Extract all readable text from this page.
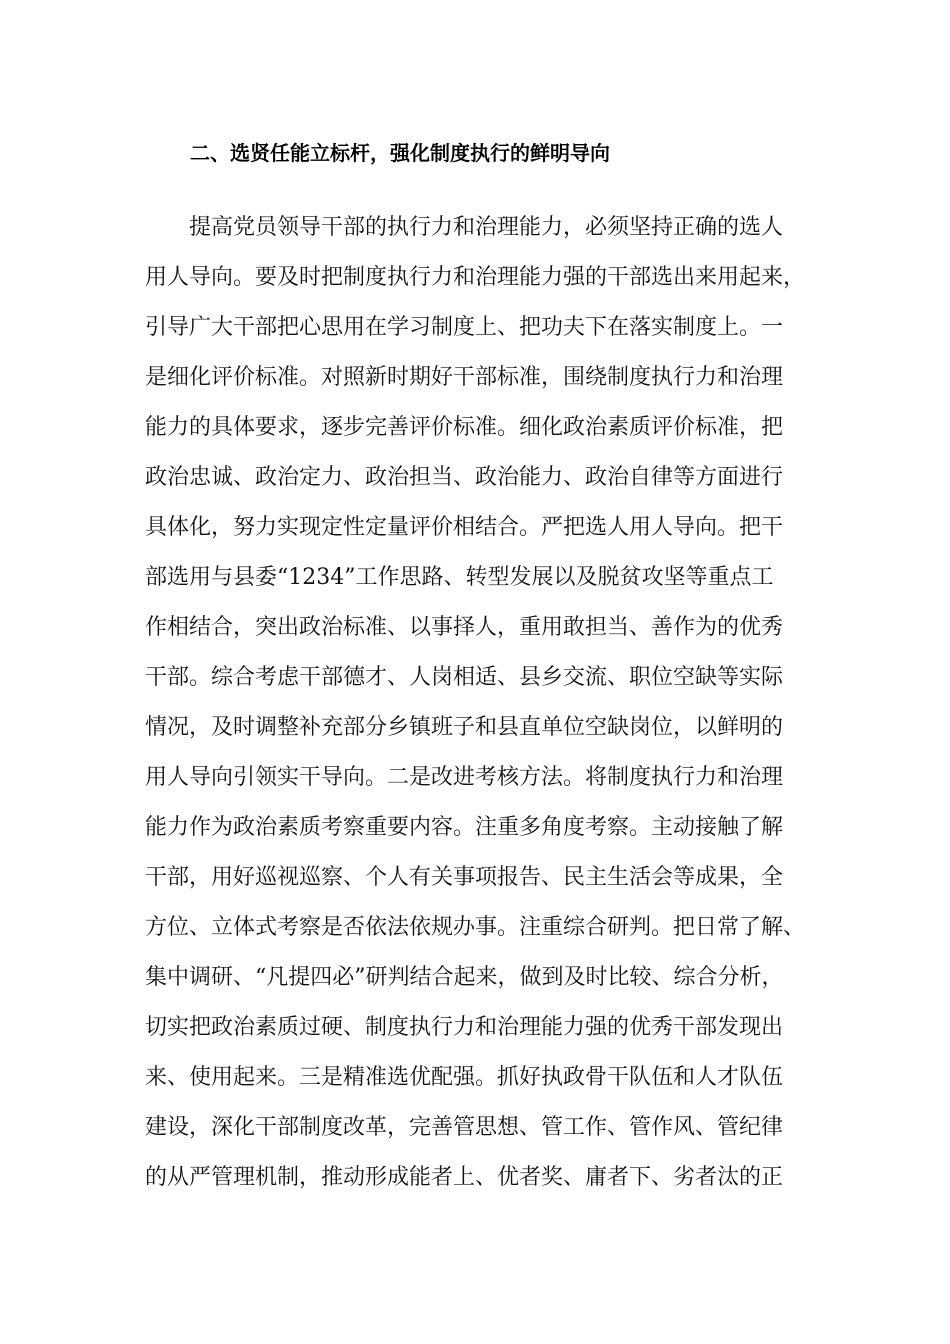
二、选贤任能立标杆，强化制度执行的鲜明导向
　　提高党员领导干部的执行力和治理能力，必须坚持正确的选人
用人导向。要及时把制度执行力和治理能力强的干部选出来用起来，
引导广大干部把心思用在学习制度上、把功夫下在落实制度上。一
是细化评价标准。对照新时期好干部标准，围绕制度执行力和治理
能力的具体要求，逐步完善评价标准。细化政治素质评价标准，把
政治忠诚、政治定力、政治担当、政治能力、政治自律等方面进行
具体化，努力实现定性定量评价相结合。严把选人用人导向。把干
部选用与县委“1234”工作思路、转型发展以及脱贫攻坚等重点工
作相结合，突出政治标准、以事择人，重用敢担当、善作为的优秀
干部。综合考虑干部德才、人岗相适、县乡交流、职位空缺等实际
情况，及时调整补充部分乡镇班子和县直单位空缺岗位，以鲜明的
用人导向引领实干导向。二是改进考核方法。将制度执行力和治理
能力作为政治素质考察重要内容。注重多角度考察。主动接触了解
干部，用好巡视巡察、个人有关事项报告、民主生活会等成果，全
方位、立体式考察是否依法依规办事。注重综合研判。把日常了解、
集中调研、“凡提四必”研判结合起来，做到及时比较、综合分析，
切实把政治素质过硬、制度执行力和治理能力强的优秀干部发现出
来、使用起来。三是精准选优配强。抓好执政骨干队伍和人才队伍
建设，深化干部制度改革，完善管思想、管工作、管作风、管纪律
的从严管理机制，推动形成能者上、优者奖、庸者下、劣者汰的正
